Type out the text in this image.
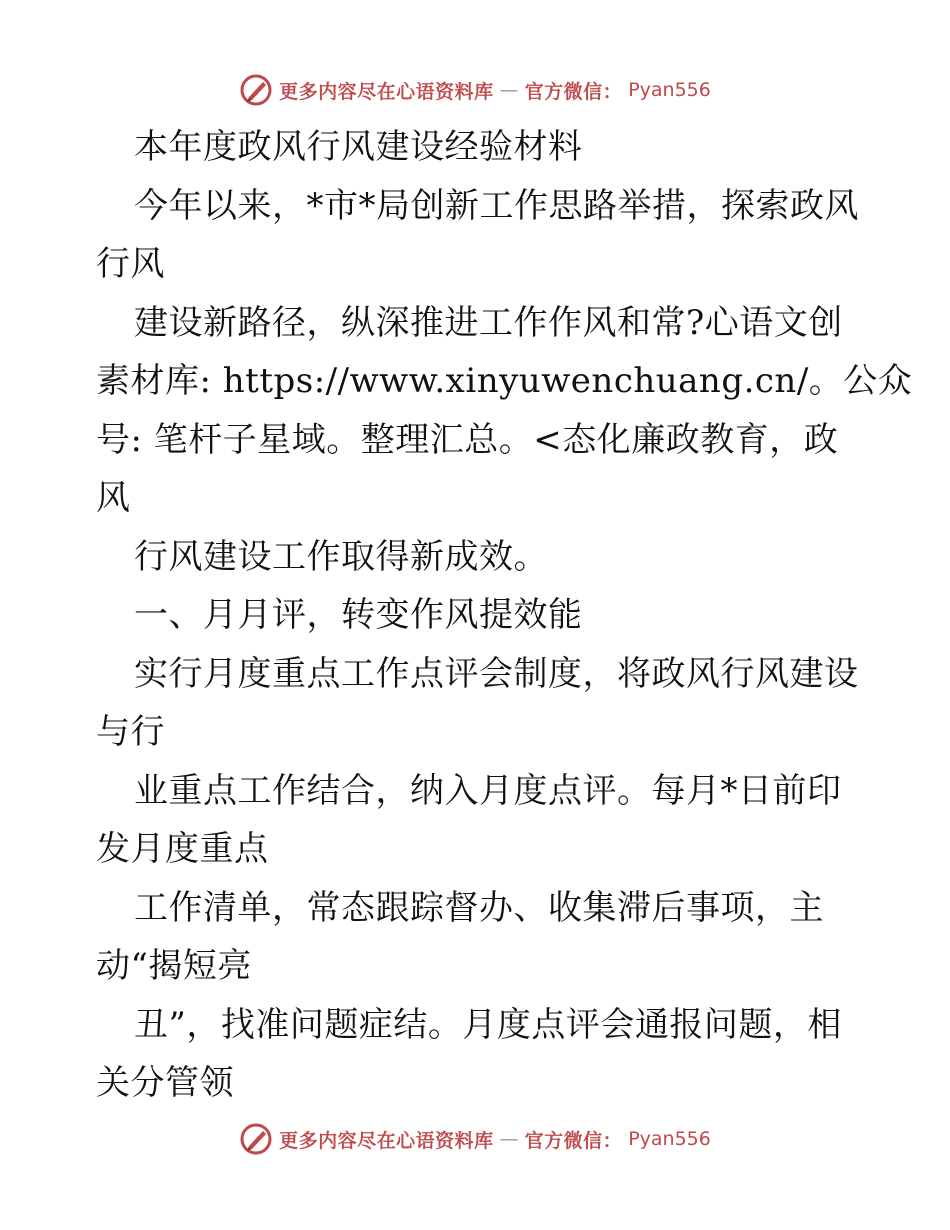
更多内容尽在心语资料库 — 官方微信： Pyan556
本年度政风行风建设经验材料
今年以来，*市*局创新工作思路举措，探索政风
行风
建设新路径，纵深推进工作作风和常?心语文创
素材库: https://www.xinyuwenchuang.cn/。公众
号: 笔杆子星域。整理汇总。<态化廉政教育，政
风
行风建设工作取得新成效。
一、月月评，转变作风提效能
实行月度重点工作点评会制度，将政风行风建设
与行
业重点工作结合，纳入月度点评。每月*日前印
发月度重点
工作清单，常态跟踪督办、收集滞后事项，主
动“揭短亮
丑”，找准问题症结。月度点评会通报问题，相
关分管领
更多内容尽在心语资料库 — 官方微信： Pyan556
